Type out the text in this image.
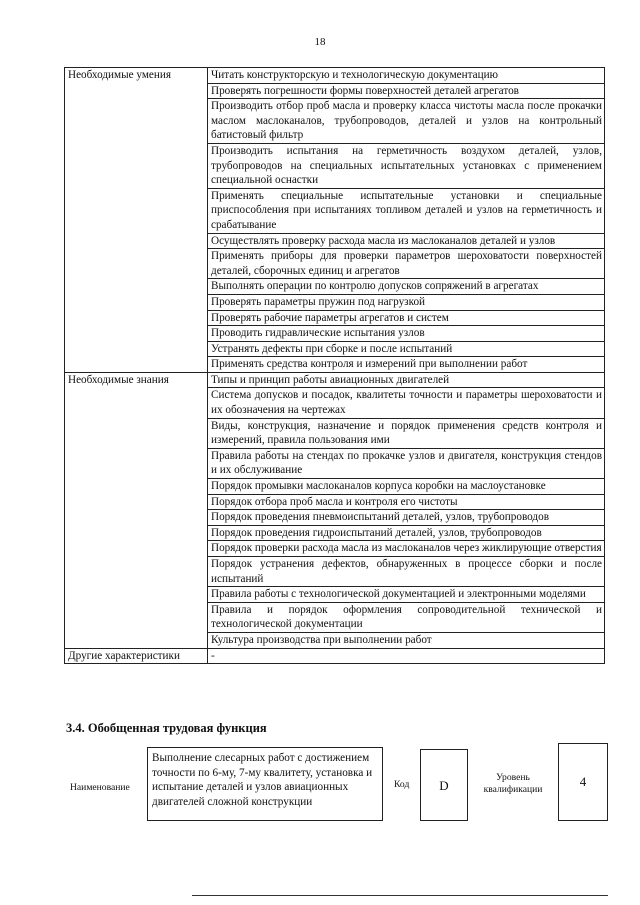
18
Необходимые умения	Читать конструкторскую и технологическую документацию
	Проверять погрешности формы поверхностей деталей агрегатов
	Производить отбор проб масла и проверку класса чистоты масла после прокачки маслом маслоканалов, трубопроводов, деталей и узлов на контрольный батистовый фильтр
	Производить испытания на герметичность воздухом деталей, узлов, трубопроводов на специальных испытательных установках с применением специальной оснастки
	Применять специальные испытательные установки и специальные приспособления при испытаниях топливом деталей и узлов на герметичность и срабатывание
	Осуществлять проверку расхода масла из маслоканалов деталей и узлов
	Применять приборы для проверки параметров шероховатости поверхностей деталей, сборочных единиц и агрегатов
	Выполнять операции по контролю допусков сопряжений в агрегатах
	Проверять параметры пружин под нагрузкой
	Проверять рабочие параметры агрегатов и систем
	Проводить гидравлические испытания узлов
	Устранять дефекты при сборке и после испытаний
	Применять средства контроля и измерений при выполнении работ
Необходимые знания	Типы и принцип работы авиационных двигателей
	Система допусков и посадок, квалитеты точности и параметры шероховатости и их обозначения на чертежах
	Виды, конструкция, назначение и порядок применения средств контроля и измерений, правила пользования ими
	Правила работы на стендах по прокачке узлов и двигателя, конструкция стендов и их обслуживание
	Порядок промывки маслоканалов корпуса коробки на маслоустановке
	Порядок отбора проб масла и контроля его чистоты
	Порядок проведения пневмоиспытаний деталей, узлов, трубопроводов
	Порядок проведения гидроиспытаний деталей, узлов, трубопроводов
	Порядок проверки расхода масла из маслоканалов через жиклирующие отверстия
	Порядок устранения дефектов, обнаруженных в процессе сборки и после испытаний
	Правила работы с технологической документацией и электронными моделями
	Правила и порядок оформления сопроводительной технической и технологической документации
	Культура производства при выполнении работ
Другие характеристики	-
3.4. Обобщенная трудовая функция
Наименование
Выполнение слесарных работ с достижением точности по 6-му, 7-му квалитету, установка и испытание деталей и узлов авиационных двигателей сложной конструкции
Код	D
Уровень квалификации
4
